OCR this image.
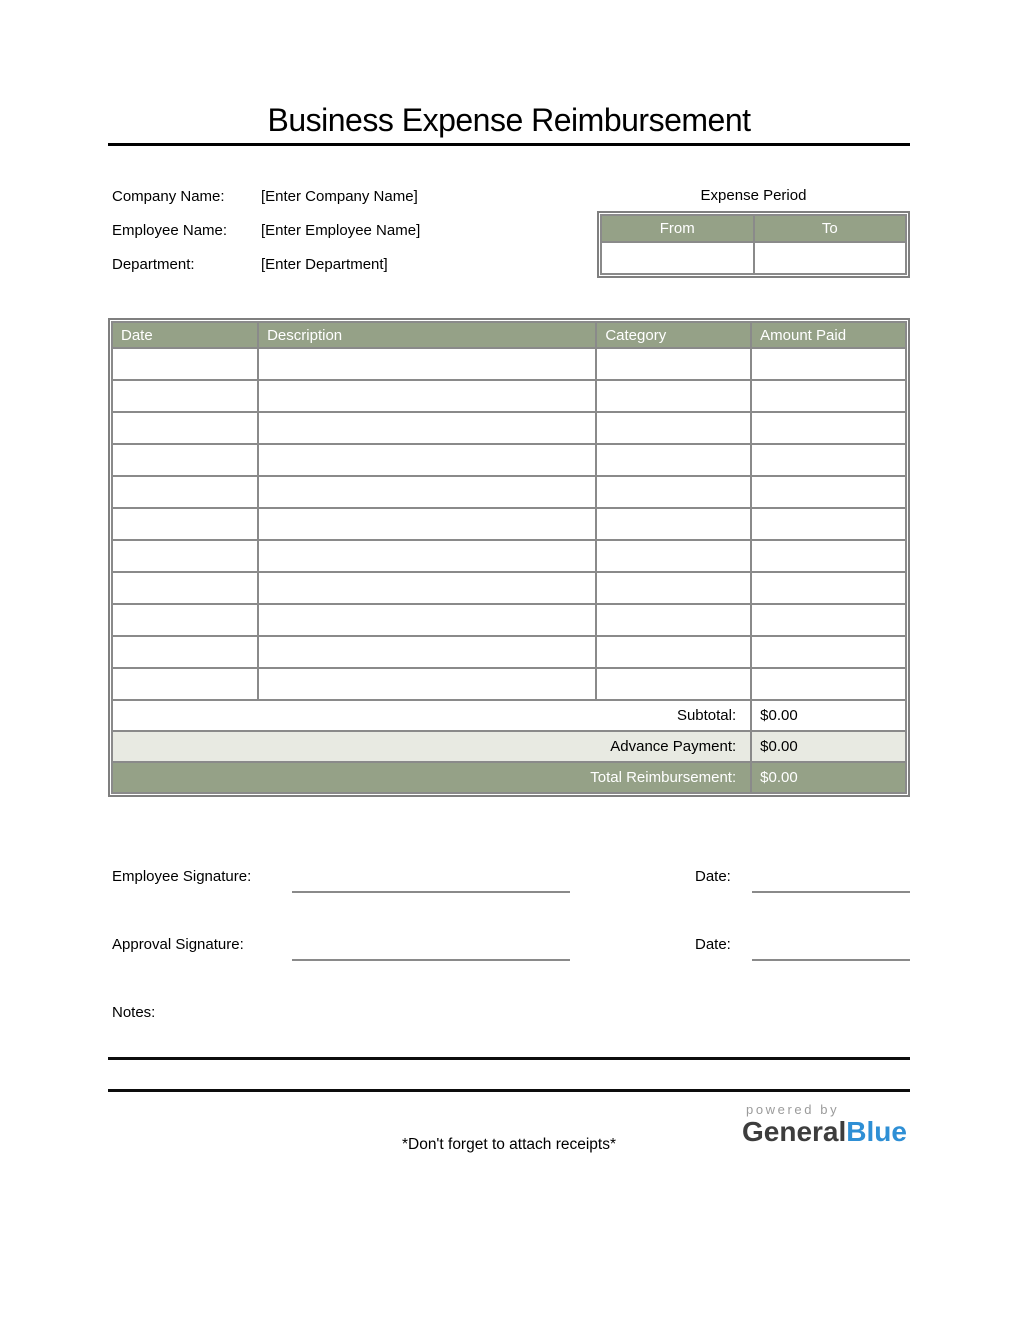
Business Expense Reimbursement
Company Name:	[Enter Company Name]
Employee Name:	[Enter Employee Name]
Department:	[Enter Department]
Expense Period
From	To

Date	Description	Category	Amount Paid

Subtotal:			$0.00
Advance Payment:			$0.00
Total Reimbursement:			$0.00
Employee Signature:	Date:
Approval Signature:	Date:
Notes:
*Don't forget to attach receipts*
powered by
GeneralBlue
